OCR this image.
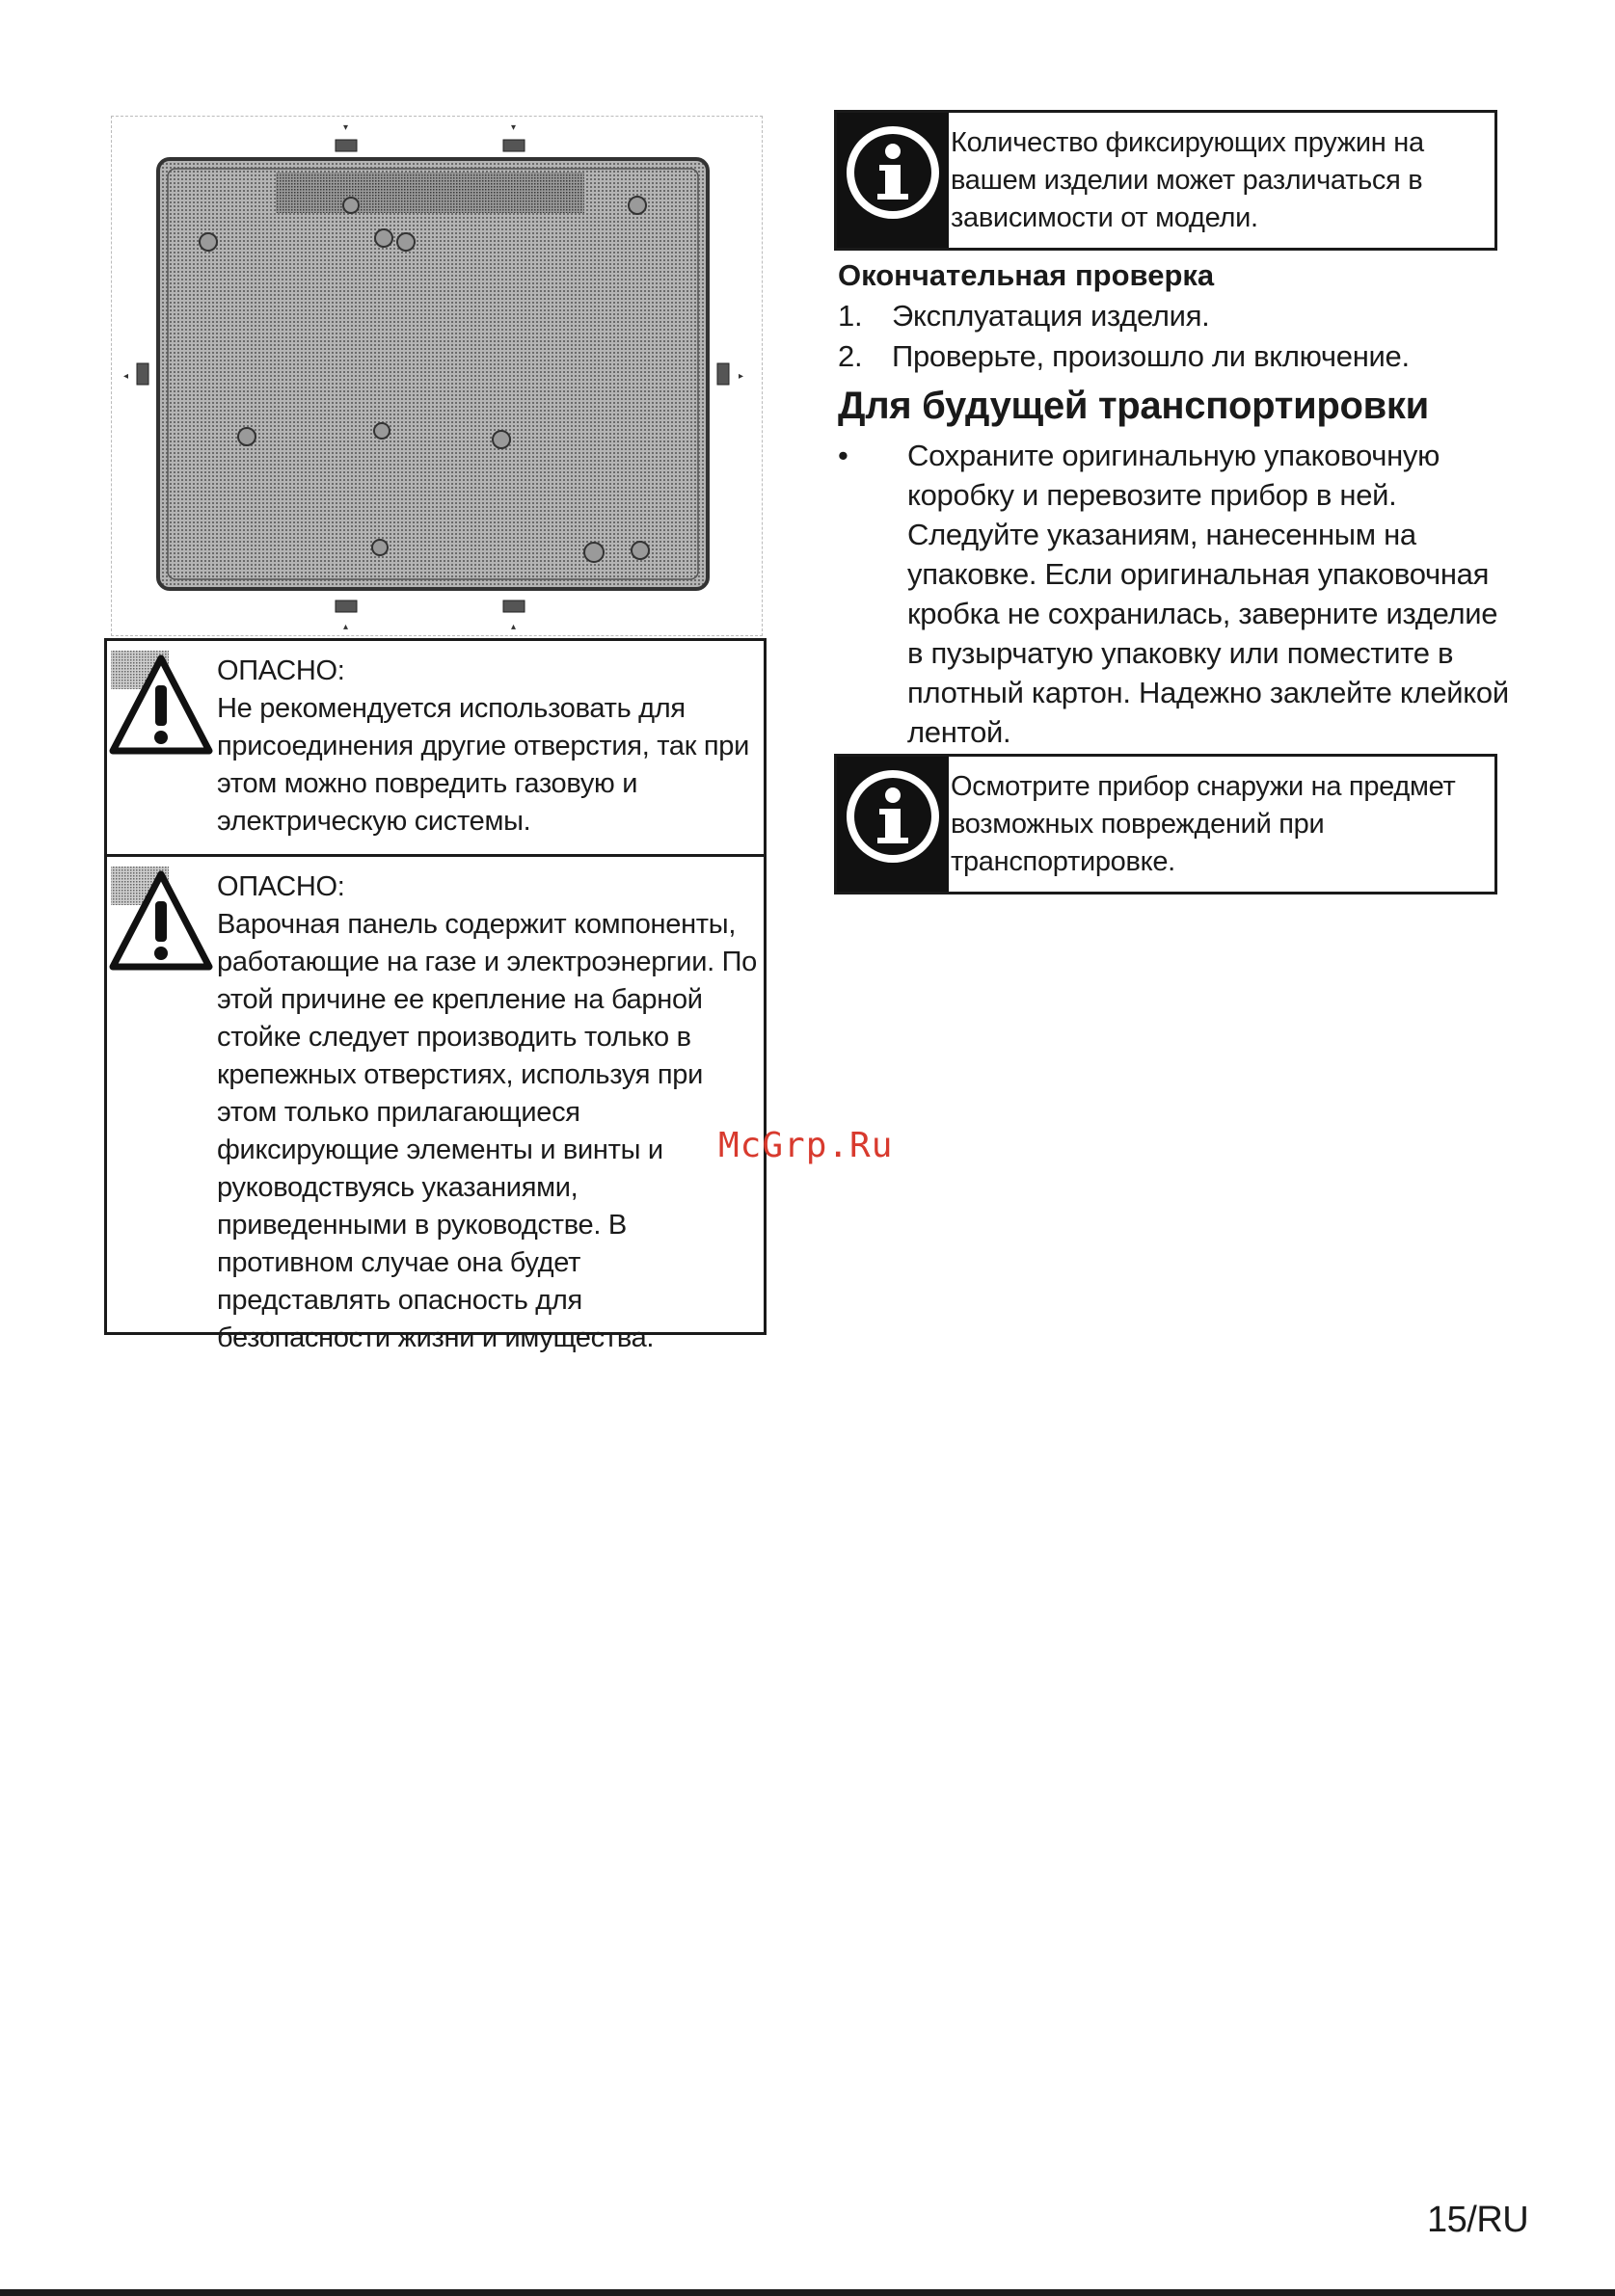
▾	▾
▴	▴
◂	▸
ОПАСНО:
Не рекомендуется использовать для присоединения другие отверстия, так при этом можно повредить газовую и электрическую системы.
ОПАСНО:
Варочная панель содержит компоненты, работающие на газе и электроэнергии. По этой причине ее крепление на барной стойке следует производить только в крепежных отверстиях, используя при этом только прилагающиеся фиксирующие элементы и винты и руководствуясь указаниями, приведенными в руководстве. В противном случае она будет представлять опасность для безопасности жизни и имущества.
Количество фиксирующих пружин на вашем изделии может различаться в зависимости от модели.
Окончательная проверка
1. Эксплуатация изделия.
2. Проверьте, произошло ли включение.
Для будущей транспортировки
• Сохраните оригинальную упаковочную коробку и перевозите прибор в ней. Следуйте указаниям, нанесенным на упаковке. Если оригинальная упаковочная кробка не сохранилась, заверните изделие в пузырчатую упаковку или поместите в плотный картон. Надежно заклейте клейкой лентой.
Осмотрите прибор снаружи на предмет возможных повреждений при транспортировке.
McGrp.Ru
15/RU
